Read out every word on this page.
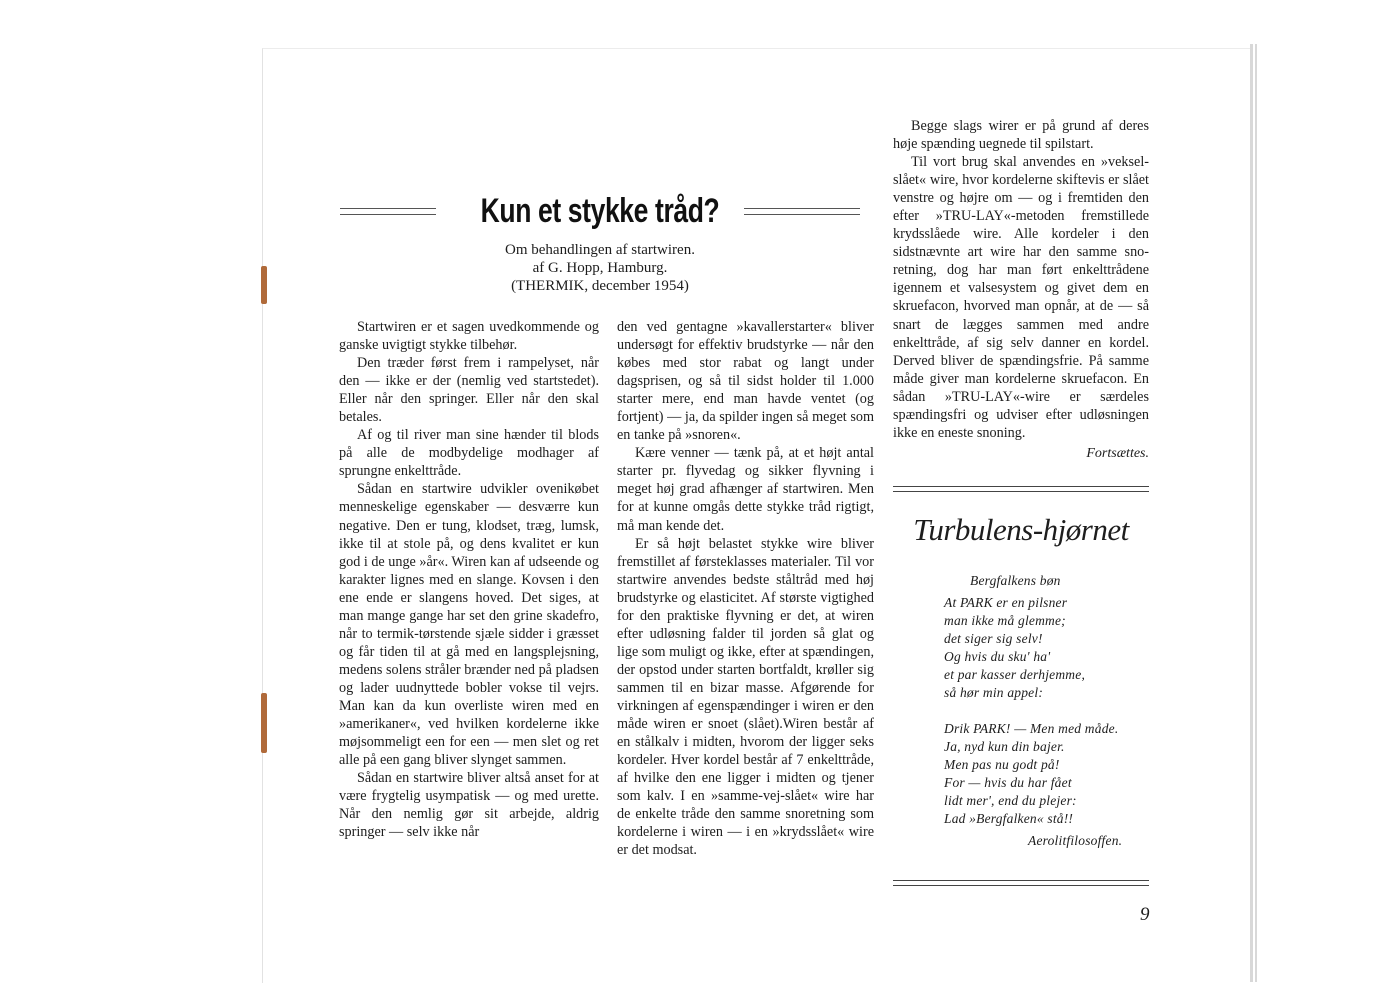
Kun et stykke tråd?
Om behandlingen af startwiren.
af G. Hopp, Hamburg.
(THERMIK, december 1954)

Startwiren er et sagen uvedkommende og ganske uvigtigt stykke tilbehør.

Den træder først frem i rampelyset, når den — ikke er der (nemlig ved startstedet). Eller når den springer. Eller når den skal betales.

Af og til river man sine hænder til blods på alle de modbydelige modhager af sprungne enkelttråde.

Sådan en startwire udvikler ovenikøbet menneskelige egenskaber — desværre kun negative. Den er tung, klodset, træg, lumsk, ikke til at stole på, og dens kvalitet er kun god i de unge »år«. Wiren kan af udseende og karakter lignes med en slange. Kovsen i den ene ende er slangens hoved. Det siges, at man mange gange har set den grine skadefro, når to termik-tørstende sjæle sidder i græsset og får tiden til at gå med en langsplejsning, medens solens stråler brænder ned på pladsen og lader uudnyttede bobler vokse til vejrs. Man kan da kun overliste wiren med en »amerikaner«, ved hvilken kordelerne ikke møjsommeligt een for een — men slet og ret alle på een gang bliver slynget sammen.

Sådan en startwire bliver altså anset for at være frygtelig usympatisk — og med urette. Når den nemlig gør sit arbejde, aldrig springer — selv ikke når

den ved gentagne »kavallerstarter« bliver undersøgt for effektiv brudstyrke — når den købes med stor rabat og langt under dagsprisen, og så til sidst holder til 1.000 starter mere, end man havde ventet (og fortjent) — ja, da spilder ingen så meget som en tanke på »snoren«.

Kære venner — tænk på, at et højt antal starter pr. flyvedag og sikker flyvning i meget høj grad afhænger af startwiren. Men for at kunne omgås dette stykke tråd rigtigt, må man kende det.

Er så højt belastet stykke wire bliver fremstillet af førsteklasses materialer. Til vor startwire anvendes bedste ståltråd med høj brudstyrke og elasticitet. Af største vigtighed for den praktiske flyvning er det, at wiren efter udløsning falder til jorden så glat og lige som muligt og ikke, efter at spændingen, der opstod under starten bortfaldt, krøller sig sammen til en bizar masse. Afgørende for virkningen af egenspændinger i wiren er den måde wiren er snoet (slået).Wiren består af en stålkalv i midten, hvorom der ligger seks kordeler. Hver kordel består af 7 enkelttråde, af hvilke den ene ligger i midten og tjener som kalv. I en »samme-vej-slået« wire har de enkelte tråde den samme snoretning som kordelerne i wiren — i en »krydsslået« wire er det modsat.

Begge slags wirer er på grund af deres høje spænding uegnede til spilstart.

Til vort brug skal anvendes en »veksel-slået« wire, hvor kordelerne skiftevis er slået venstre og højre om — og i fremtiden den efter »TRU-LAY«-metoden fremstillede krydsslåede wire. Alle kordeler i den sidstnævnte art wire har den samme sno-retning, dog har man ført enkelttrådene igennem et valsesystem og givet dem en skruefacon, hvorved man opnår, at de — så snart de lægges sammen med andre enkelttråde, af sig selv danner en kordel. Derved bliver de spændingsfrie. På samme måde giver man kordelerne skruefacon. En sådan »TRU-LAY«-wire er særdeles spændingsfri og udviser efter udløsningen ikke en eneste snoning.

Fortsættes.
Turbulens-hjørnet
Bergfalkens bøn
At PARK er en pilsner
man ikke må glemme;
det siger sig selv!
Og hvis du sku' ha'
et par kasser derhjemme,
så hør min appel:
Drik PARK! — Men med måde.
Ja, nyd kun din bajer.
Men pas nu godt på!
For — hvis du har fået
lidt mer', end du plejer:
Lad »Bergfalken« stå!!
Aerolitfilosoffen.
9
